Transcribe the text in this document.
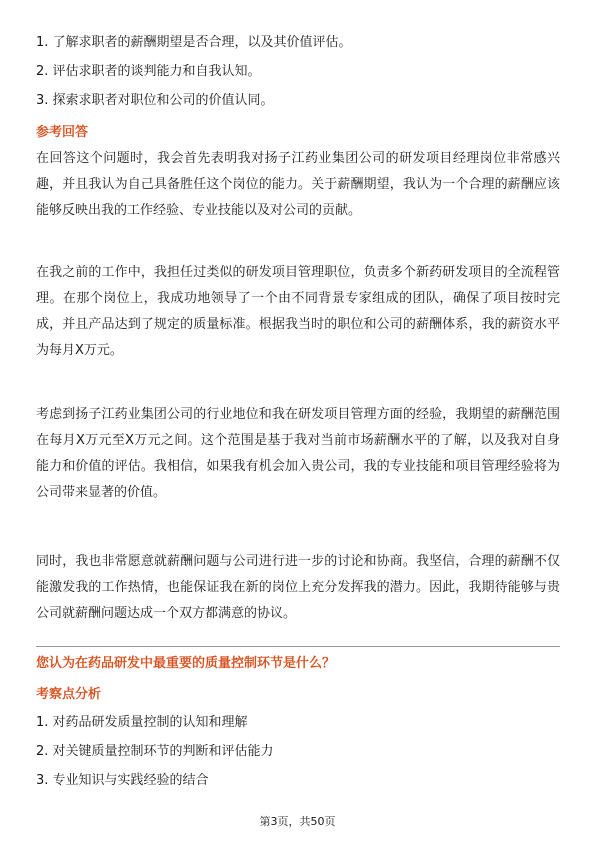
1. 了解求职者的薪酬期望是否合理，以及其价值评估。
2. 评估求职者的谈判能力和自我认知。
3. 探索求职者对职位和公司的价值认同。
参考回答
在回答这个问题时，我会首先表明我对扬子江药业集团公司的研发项目经理岗位非常感兴趣，并且我认为自己具备胜任这个岗位的能力。关于薪酬期望，我认为一个合理的薪酬应该能够反映出我的工作经验、专业技能以及对公司的贡献。
在我之前的工作中，我担任过类似的研发项目管理职位，负责多个新药研发项目的全流程管理。在那个岗位上，我成功地领导了一个由不同背景专家组成的团队，确保了项目按时完成，并且产品达到了规定的质量标准。根据我当时的职位和公司的薪酬体系，我的薪资水平为每月X万元。
考虑到扬子江药业集团公司的行业地位和我在研发项目管理方面的经验，我期望的薪酬范围在每月X万元至X万元之间。这个范围是基于我对当前市场薪酬水平的了解，以及我对自身能力和价值的评估。我相信，如果我有机会加入贵公司，我的专业技能和项目管理经验将为公司带来显著的价值。
同时，我也非常愿意就薪酬问题与公司进行进一步的讨论和协商。我坚信，合理的薪酬不仅能激发我的工作热情，也能保证我在新的岗位上充分发挥我的潜力。因此，我期待能够与贵公司就薪酬问题达成一个双方都满意的协议。
您认为在药品研发中最重要的质量控制环节是什么？
考察点分析
1. 对药品研发质量控制的认知和理解
2. 对关键质量控制环节的判断和评估能力
3. 专业知识与实践经验的结合
第3页，共50页
